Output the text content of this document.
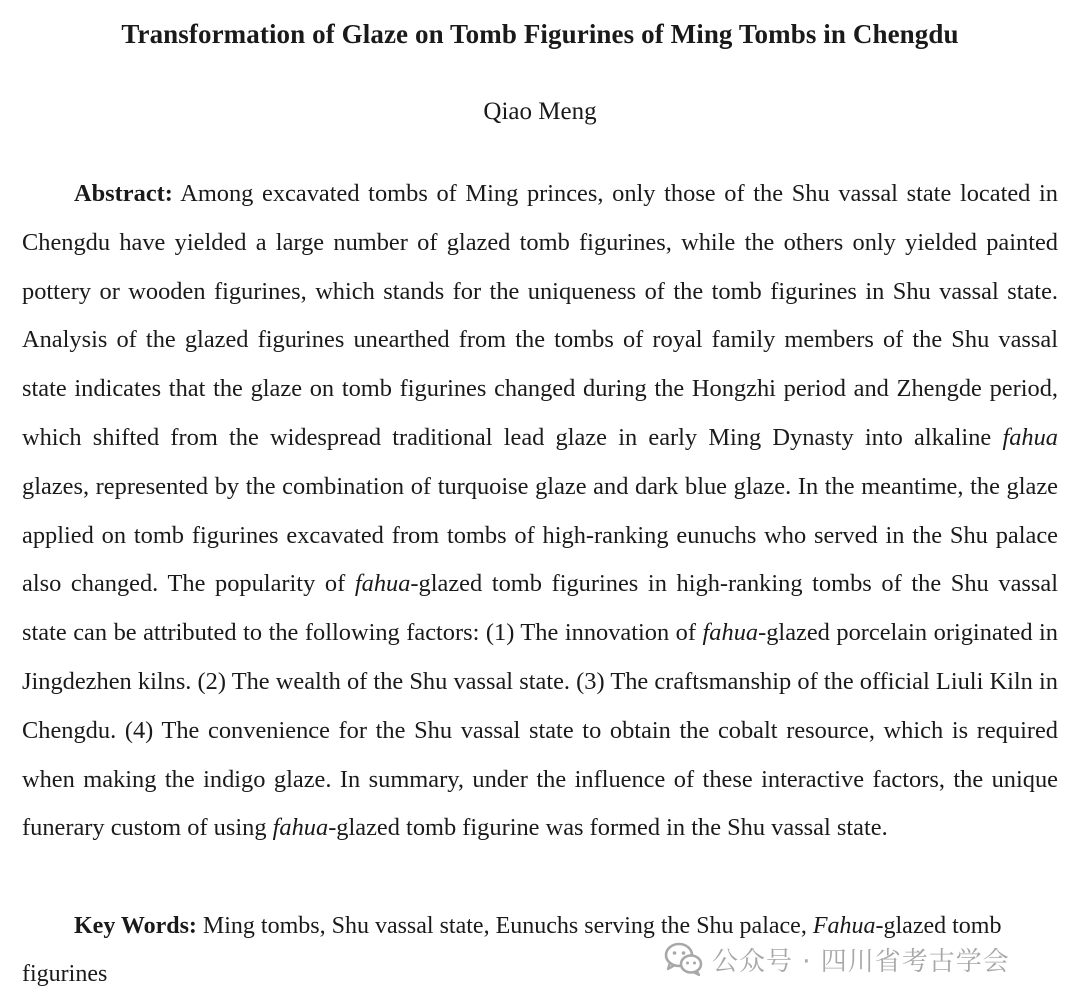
Transformation of Glaze on Tomb Figurines of Ming Tombs in Chengdu
Qiao Meng

Abstract: Among excavated tombs of Ming princes, only those of the Shu vassal state located in Chengdu have yielded a large number of glazed tomb figurines, while the others only yielded painted pottery or wooden figurines, which stands for the uniqueness of the tomb figurines in Shu vassal state. Analysis of the glazed figurines unearthed from the tombs of royal family members of the Shu vassal state indicates that the glaze on tomb figurines changed during the Hongzhi period and Zhengde period, which shifted from the widespread traditional lead glaze in early Ming Dynasty into alkaline fahua glazes, represented by the combination of turquoise glaze and dark blue glaze. In the meantime, the glaze applied on tomb figurines excavated from tombs of high-ranking eunuchs who served in the Shu palace also changed. The popularity of fahua-glazed tomb figurines in high-ranking tombs of the Shu vassal state can be attributed to the following factors: (1) The innovation of fahua-glazed porcelain originated in Jingdezhen kilns. (2) The wealth of the Shu vassal state. (3) The craftsmanship of the official Liuli Kiln in Chengdu. (4) The convenience for the Shu vassal state to obtain the cobalt resource, which is required when making the indigo glaze. In summary, under the influence of these interactive factors, the unique funerary custom of using fahua-glazed tomb figurine was formed in the Shu vassal state.

Key Words: Ming tombs, Shu vassal state, Eunuchs serving the Shu palace, Fahua-glazed tomb figurines	公众号 · 四川省考古学会
